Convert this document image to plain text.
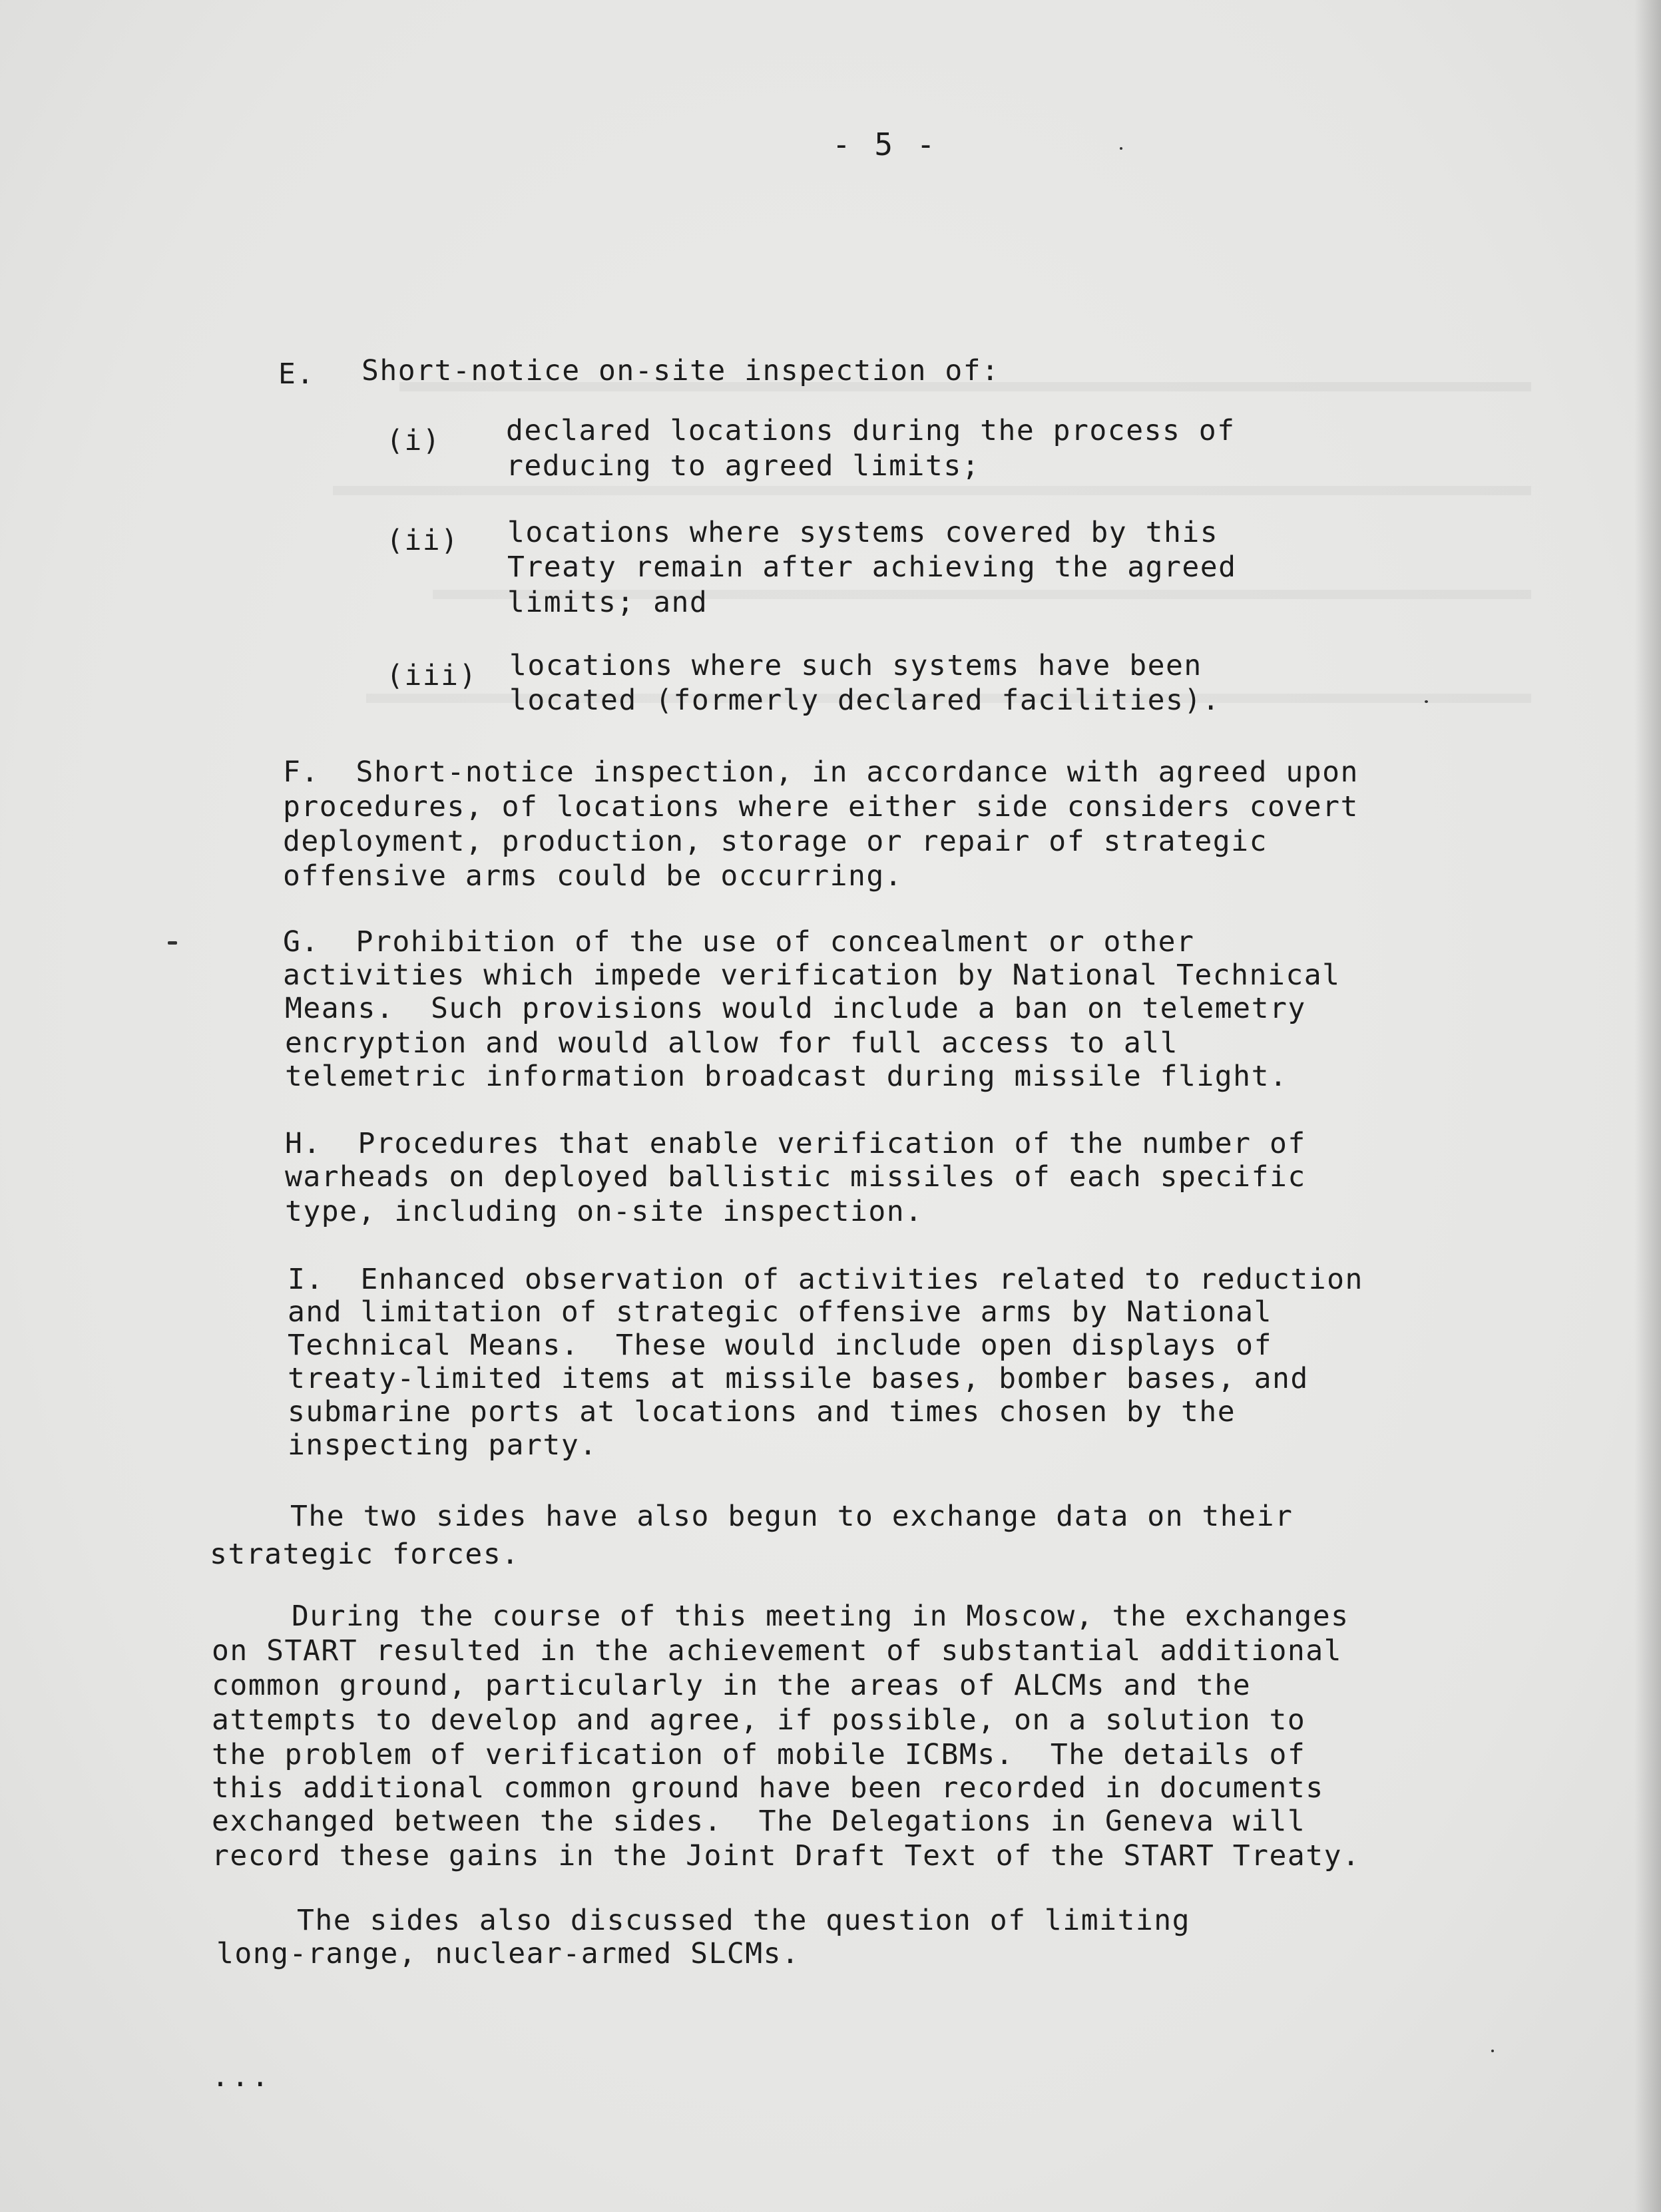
- 5 -
E. Short-notice on-site inspection of:
(i) declared locations during the process of
reducing to agreed limits;
(ii) locations where systems covered by this
Treaty remain after achieving the agreed
limits; and
(iii) locations where such systems have been
located (formerly declared facilities).
F.  Short-notice inspection, in accordance with agreed upon
procedures, of locations where either side considers covert
deployment, production, storage or repair of strategic
offensive arms could be occurring.
G.  Prohibition of the use of concealment or other
activities which impede verification by National Technical
Means.  Such provisions would include a ban on telemetry
encryption and would allow for full access to all
telemetric information broadcast during missile flight.
H.  Procedures that enable verification of the number of
warheads on deployed ballistic missiles of each specific
type, including on-site inspection.
I.  Enhanced observation of activities related to reduction
and limitation of strategic offensive arms by National
Technical Means.  These would include open displays of
treaty-limited items at missile bases, bomber bases, and
submarine ports at locations and times chosen by the
inspecting party.
The two sides have also begun to exchange data on their
strategic forces.
During the course of this meeting in Moscow, the exchanges
on START resulted in the achievement of substantial additional
common ground, particularly in the areas of ALCMs and the
attempts to develop and agree, if possible, on a solution to
the problem of verification of mobile ICBMs.  The details of
this additional common ground have been recorded in documents
exchanged between the sides.  The Delegations in Geneva will
record these gains in the Joint Draft Text of the START Treaty.
The sides also discussed the question of limiting
long-range, nuclear-armed SLCMs.
...
